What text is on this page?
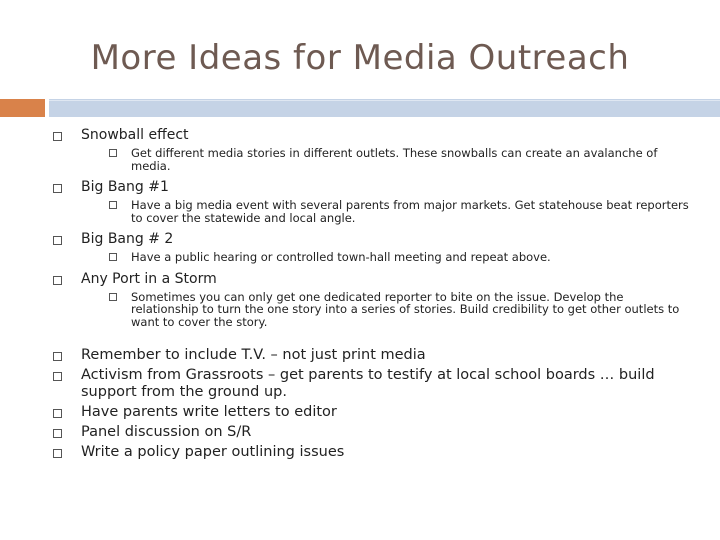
More Ideas for Media Outreach
Snowball effect
Get different media stories in different outlets. These snowballs can create an avalanche of media.
Big Bang #1
Have a big media event with several parents from major markets. Get statehouse beat reporters to cover the statewide and local angle.
Big Bang # 2
Have a public hearing or controlled town-hall meeting and repeat above.
Any Port in a Storm
Sometimes you can only get one dedicated reporter to bite on the issue. Develop the relationship to turn the one story into a series of stories. Build credibility to get other outlets to want to cover the story.
Remember to include T.V. – not just print media
Activism from Grassroots – get parents to testify at local school boards … build support from the ground up.
Have parents write letters to editor
Panel discussion on S/R
Write a policy paper outlining issues
